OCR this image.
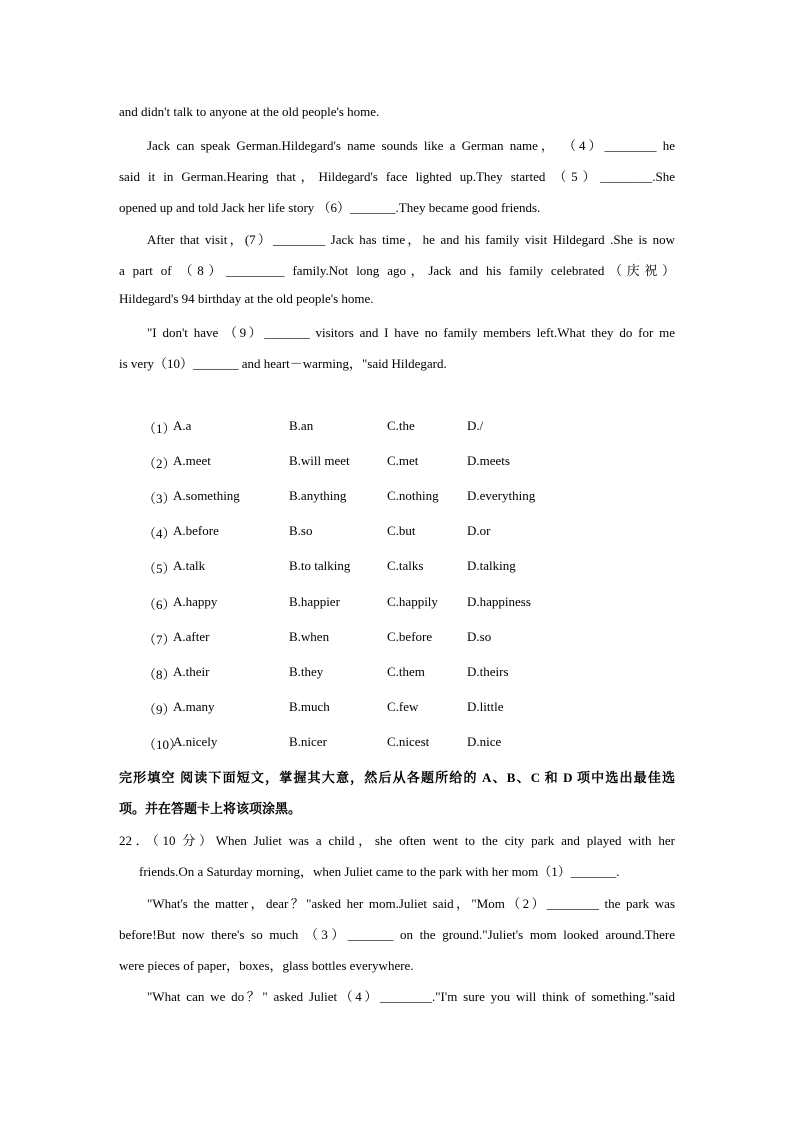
and didn't talk to anyone at the old people's home.
Jack can speak German.Hildegard's name sounds like a German name， （4）________ he
said it in German.Hearing that，Hildegard's face lighted up.They started （5）________.She
opened up and told Jack her life story （6）_______.They became good friends.
After that visit，(7）________ Jack has time，he and his family visit Hildegard .She is now
a part of （8）_________ family.Not long ago，Jack and his family celebrated（庆祝）
Hildegard's 94 birthday at the old people's home.
"I don't have （9）_______ visitors and I have no family members left.What they do for me
is very（10）_______ and heart－warming，"said Hildegard.
（1）
A.a	B.an	C.the	D./
（2）
A.meet	B.will meet	C.met	D.meets
（3）
A.something	B.anything	C.nothing D.everything
（4）
A.before	B.so	C.but	D.or
（5）
A.talk	B.to talking	C.talks	D.talking
（6）
A.happy	B.happier	C.happily D.happiness
（7）
A.after	B.when	C.before	D.so
（8）
A.their	B.they	C.them	D.theirs
（9）
A.many	B.much	C.few	D.little
（10）
A.nicely	B.nicer	C.nicest	D.nice
完形填空 阅读下面短文，掌握其大意，然后从各题所给的 A、B、C 和 D 项中选出最佳选
项。并在答题卡上将该项涂黑。
22．（10 分）When Juliet was a child，she often went to the city park and played with her
friends.On a Saturday morning，when Juliet came to the park with her mom（1）_______.
"What's the matter，dear？"asked her mom.Juliet said，"Mom（2）________ the park was
before!But now there's so much （3）_______ on the ground."Juliet's mom looked around.There
were pieces of paper，boxes，glass bottles everywhere.
"What can we do？" asked Juliet（4）________."I'm sure you will think of something."said
